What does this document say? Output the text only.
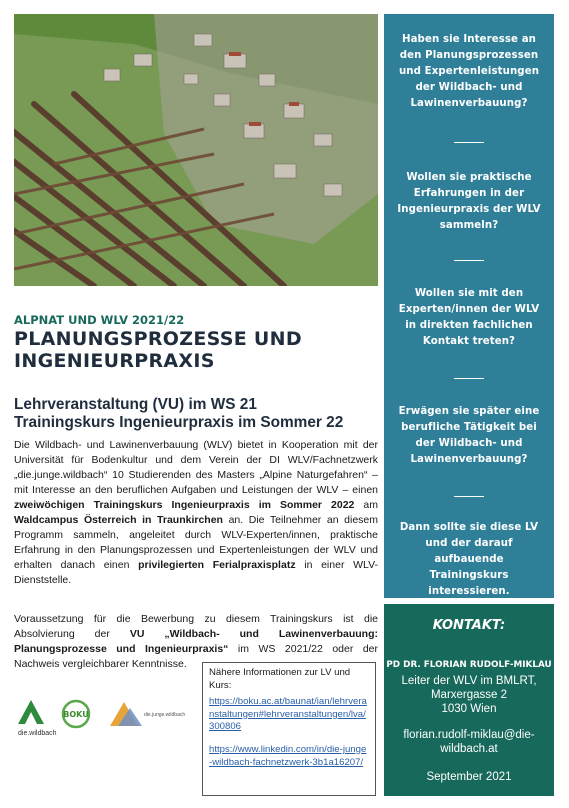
Haben sie Interesse an den Planungsprozessen und Expertenleistungen der Wildbach- und Lawinenverbauung?
Wollen sie praktische Erfahrungen in der Ingenieurpraxis der WLV sammeln?
Wollen sie mit den Experten/innen der WLV in direkten fachlichen Kontakt treten?
Erwägen sie später eine berufliche Tätigkeit bei der Wildbach- und Lawinenverbauung?
Dann sollte sie diese LV und der darauf aufbauende Trainingskurs interessieren.
KONTAKT:
PD DR. FLORIAN RUDOLF-MIKLAU
Leiter der WLV im BMLRT,
Marxergasse 2
1030 Wien
florian.rudolf-miklau@die-
wildbach.at
September 2021
ALPNAT UND WLV 2021/22
PLANUNGSPROZESSE UND
INGENIEURPRAXIS
Lehrveranstaltung (VU) im WS 21
Trainingskurs Ingenieurpraxis im Sommer 22
Die Wildbach- und Lawinenverbauung (WLV) bietet in Kooperation mit der Universität für Bodenkultur und dem Verein der DI WLV/Fachnetzwerk „die.junge.wildbach“ 10 Studierenden des Masters „Alpine Naturgefahren“ – mit Interesse an den beruflichen Aufgaben und Leistungen der WLV – einen zweiwöchigen Trainingskurs Ingenieurpraxis im Sommer 2022 am Waldcampus Österreich in Traunkirchen an. Die Teilnehmer an diesem Programm sammeln, angeleitet durch WLV-Experten/innen, praktische Erfahrung in den Planungsprozessen und Expertenleistungen der WLV und erhalten danach einen privilegierten Ferialpraxisplatz in einer WLV-Dienststelle.
Voraussetzung für die Bewerbung zu diesem Trainingskurs ist die Absolvierung der VU „Wildbach- und Lawinenverbauung: Planungsprozesse und Ingenieurpraxis“ im WS 2021/22 oder der Nachweis vergleichbarer Kenntnisse.
Nähere Informationen zur LV und Kurs:
https://boku.ac.at/baunat/ian/lehrveranstaltungen#lehrveranstaltungen/lva/300806
https://www.linkedin.com/in/die-junge-wildbach-fachnetzwerk-3b1a16207/
die.wildbach
BOKU	die.junge.wildbach
